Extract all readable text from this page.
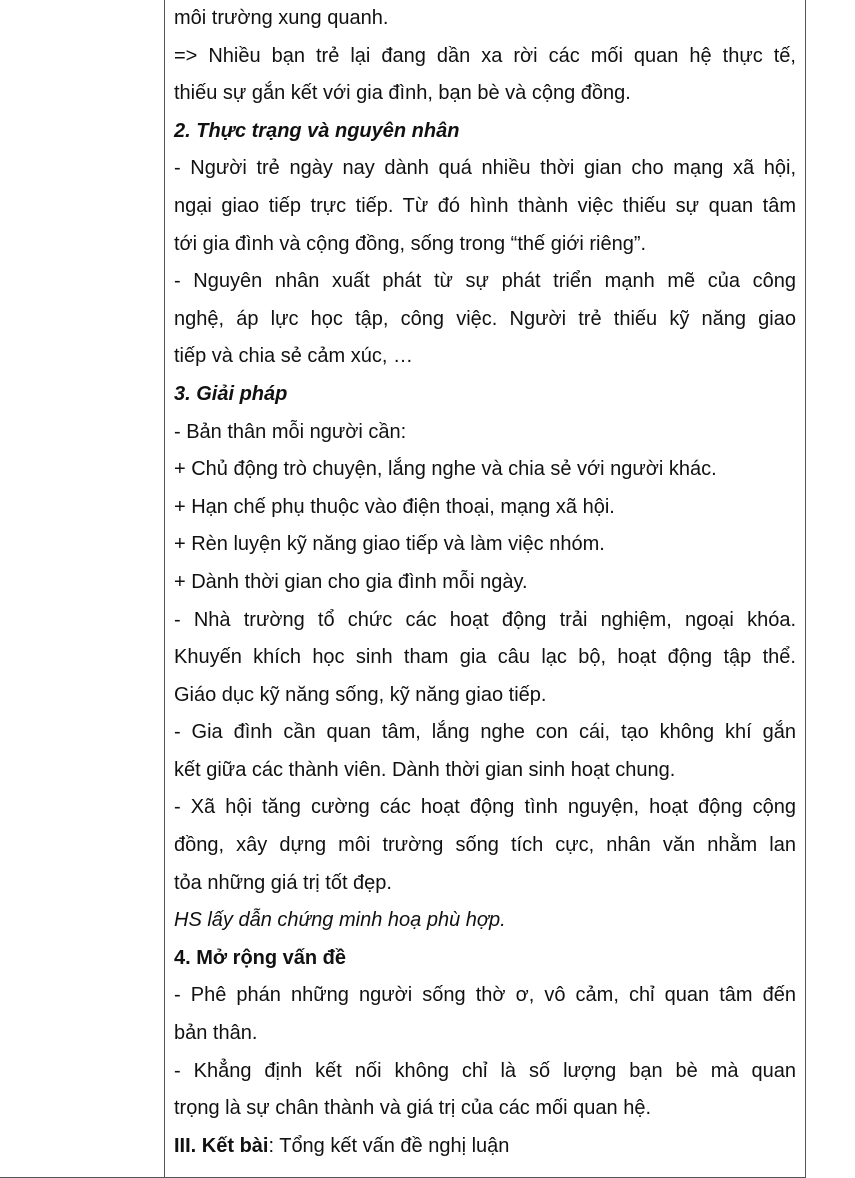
môi trường xung quanh.
=> Nhiều bạn trẻ lại đang dần xa rời các mối quan hệ thực tế,
thiếu sự gắn kết với gia đình, bạn bè và cộng đồng.
2. Thực trạng và nguyên nhân
- Người trẻ ngày nay dành quá nhiều thời gian cho mạng xã hội,
ngại giao tiếp trực tiếp. Từ đó hình thành việc thiếu sự quan tâm
tới gia đình và cộng đồng, sống trong “thế giới riêng”.
- Nguyên nhân xuất phát từ sự phát triển mạnh mẽ của công
nghệ, áp lực học tập, công việc. Người trẻ thiếu kỹ năng giao
tiếp và chia sẻ cảm xúc, …
3. Giải pháp
- Bản thân mỗi người cần:
+ Chủ động trò chuyện, lắng nghe và chia sẻ với người khác.
+ Hạn chế phụ thuộc vào điện thoại, mạng xã hội.
+ Rèn luyện kỹ năng giao tiếp và làm việc nhóm.
+ Dành thời gian cho gia đình mỗi ngày.
- Nhà trường tổ chức các hoạt động trải nghiệm, ngoại khóa.
Khuyến khích học sinh tham gia câu lạc bộ, hoạt động tập thể.
Giáo dục kỹ năng sống, kỹ năng giao tiếp.
- Gia đình cần quan tâm, lắng nghe con cái, tạo không khí gắn
kết giữa các thành viên. Dành thời gian sinh hoạt chung.
- Xã hội tăng cường các hoạt động tình nguyện, hoạt động cộng
đồng, xây dựng môi trường sống tích cực, nhân văn nhằm lan
tỏa những giá trị tốt đẹp.
HS lấy dẫn chứng minh hoạ phù hợp.
4. Mở rộng vấn đề
- Phê phán những người sống thờ ơ, vô cảm, chỉ quan tâm đến
bản thân.
- Khẳng định kết nối không chỉ là số lượng bạn bè mà quan
trọng là sự chân thành và giá trị của các mối quan hệ.
III. Kết bài: Tổng kết vấn đề nghị luận
